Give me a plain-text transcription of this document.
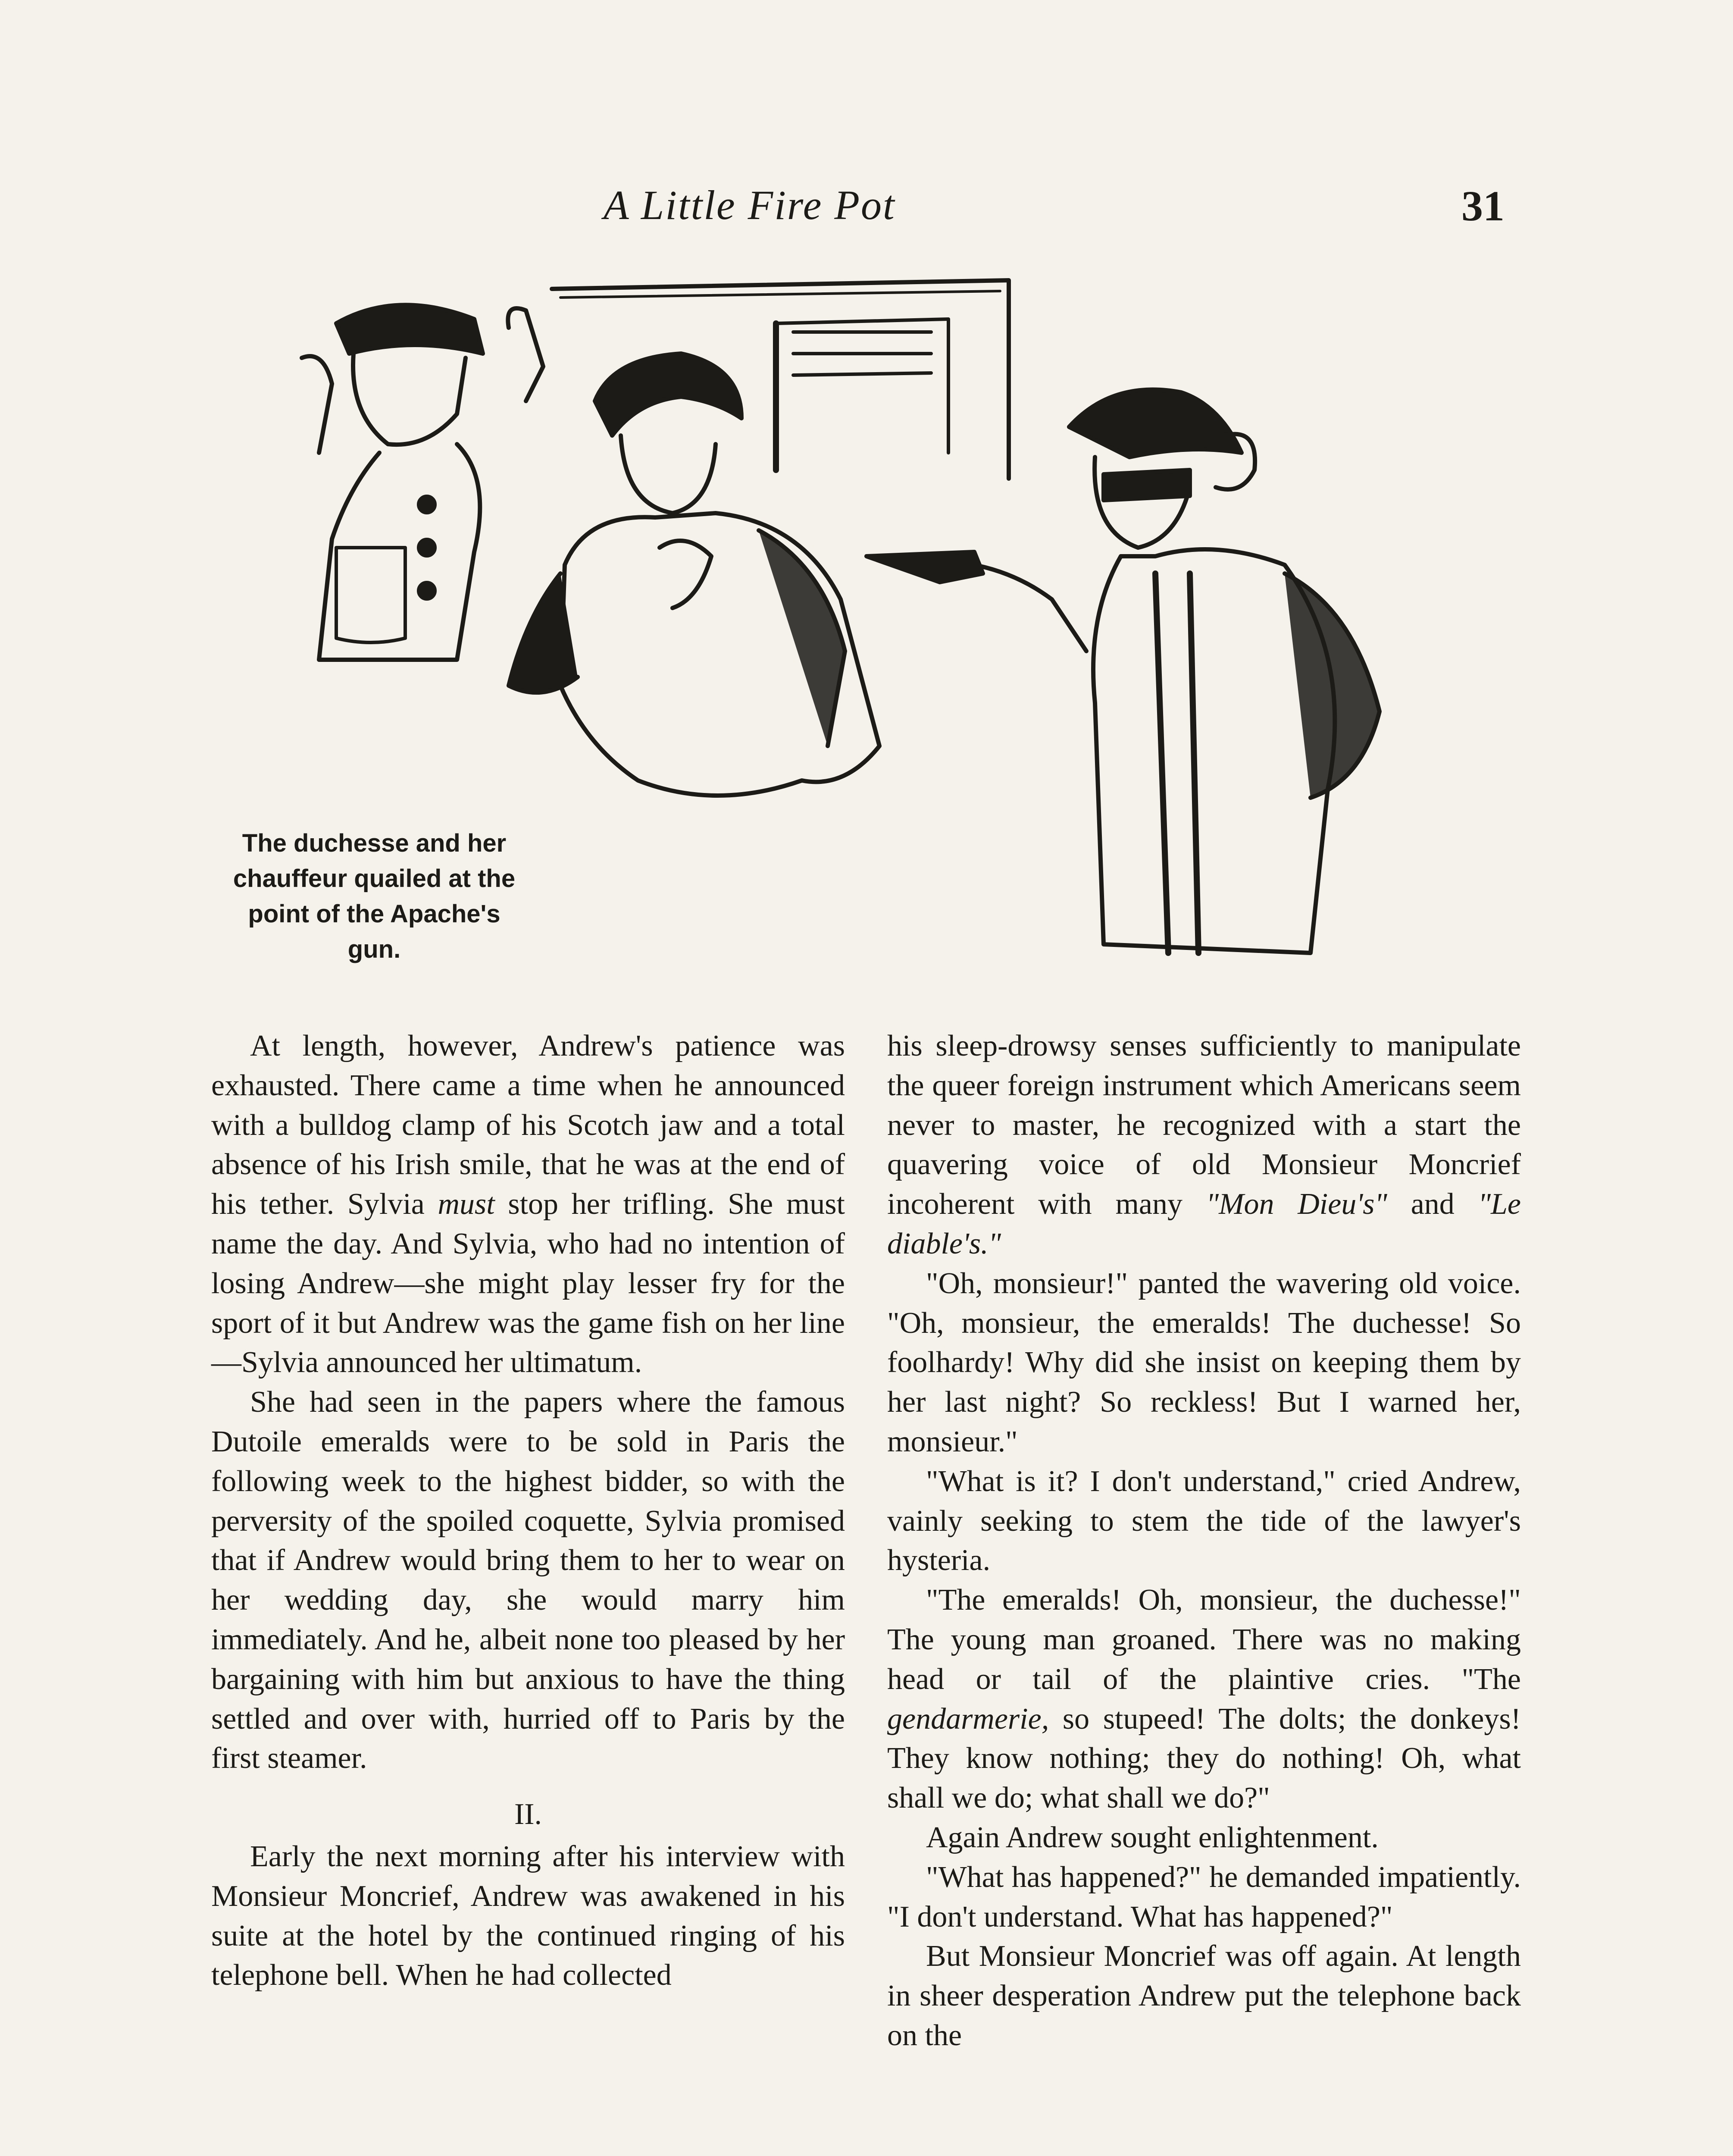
A Little Fire Pot	31
The duchesse and her
chauffeur quailed at the
point of the Apache's
gun.

At length, however, Andrew's patience was exhausted. There came a time when he announced with a bulldog clamp of his Scotch jaw and a total absence of his Irish smile, that he was at the end of his tether. Sylvia must stop her trifling. She must name the day. And Sylvia, who had no intention of losing Andrew—she might play lesser fry for the sport of it but Andrew was the game fish on her line—Sylvia announced her ultimatum.

She had seen in the papers where the famous Dutoile emeralds were to be sold in Paris the following week to the highest bidder, so with the perversity of the spoiled coquette, Sylvia promised that if Andrew would bring them to her to wear on her wedding day, she would marry him immediately. And he, albeit none too pleased by her bargaining with him but anxious to have the thing settled and over with, hurried off to Paris by the first steamer.

II.

Early the next morning after his interview with Monsieur Moncrief, Andrew was awakened in his suite at the hotel by the continued ringing of his telephone bell. When he had collected

his sleep-drowsy senses sufficiently to manipulate the queer foreign instrument which Americans seem never to master, he recognized with a start the quavering voice of old Monsieur Moncrief incoherent with many "Mon Dieu's" and "Le diable's."

"Oh, monsieur!" panted the wavering old voice. "Oh, monsieur, the emeralds! The duchesse! So foolhardy! Why did she insist on keeping them by her last night? So reckless! But I warned her, monsieur."

"What is it? I don't understand," cried Andrew, vainly seeking to stem the tide of the lawyer's hysteria.

"The emeralds! Oh, monsieur, the duchesse!" The young man groaned. There was no making head or tail of the plaintive cries. "The gendarmerie, so stupeed! The dolts; the donkeys! They know nothing; they do nothing! Oh, what shall we do; what shall we do?"

Again Andrew sought enlightenment.

"What has happened?" he demanded impatiently. "I don't understand. What has happened?"

But Monsieur Moncrief was off again. At length in sheer desperation Andrew put the telephone back on the
